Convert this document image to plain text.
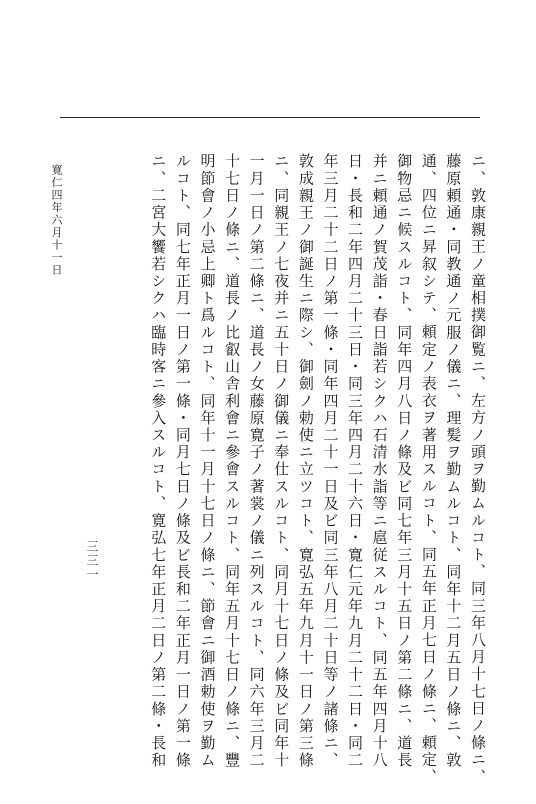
ニ、敦康親王ノ童相撲御覧ニ、左方ノ頭ヲ勤ムルコト、同三年八月十七日ノ條ニ、
藤原頼通・同教通ノ元服ノ儀ニ、理髪ヲ勤ムルコト、同年十二月五日ノ條ニ、敦
通、四位ニ昇叙シテ、頼定ノ表衣ヲ著用スルコト、同五年正月七日ノ條ニ、頼定、
御物忌ニ候スルコト、同年四月八日ノ條及ビ同七年三月十五日ノ第二條ニ、道長
并ニ頼通ノ賀茂詣・春日詣若シクハ石清水詣等ニ扈従スルコト、同五年四月十八
日・長和二年四月二十三日・同三年四月二十六日・寛仁元年九月二十二日・同二
年三月二十二日ノ第一條・同年四月二十一日及ビ同三年八月二十日等ノ諸條ニ、
敦成親王ノ御誕生ニ際シ、御劍ノ勅使ニ立ツコト、寛弘五年九月十一日ノ第三條
ニ、同親王ノ七夜并ニ五十日ノ御儀ニ奉仕スルコト、同月十七日ノ條及ビ同年十
一月一日ノ第二條ニ、道長ノ女藤原寛子ノ著裳ノ儀ニ列スルコト、同六年三月二
十七日ノ條ニ、道長ノ比叡山舎利會ニ參會スルコト、同年五月十七日ノ條ニ、豐
明節會ノ小忌上卿ト爲ルコト、同年十一月十七日ノ條ニ、節會ニ御酒勅使ヲ勤ム
ルコト、同七年正月一日ノ第一條・同月七日ノ條及ビ長和二年正月一日ノ第一條
ニ、二宮大饗若シクハ臨時客ニ參入スルコト、寛弘七年正月二日ノ第二條・長和
寛仁四年六月十一日
三三一
